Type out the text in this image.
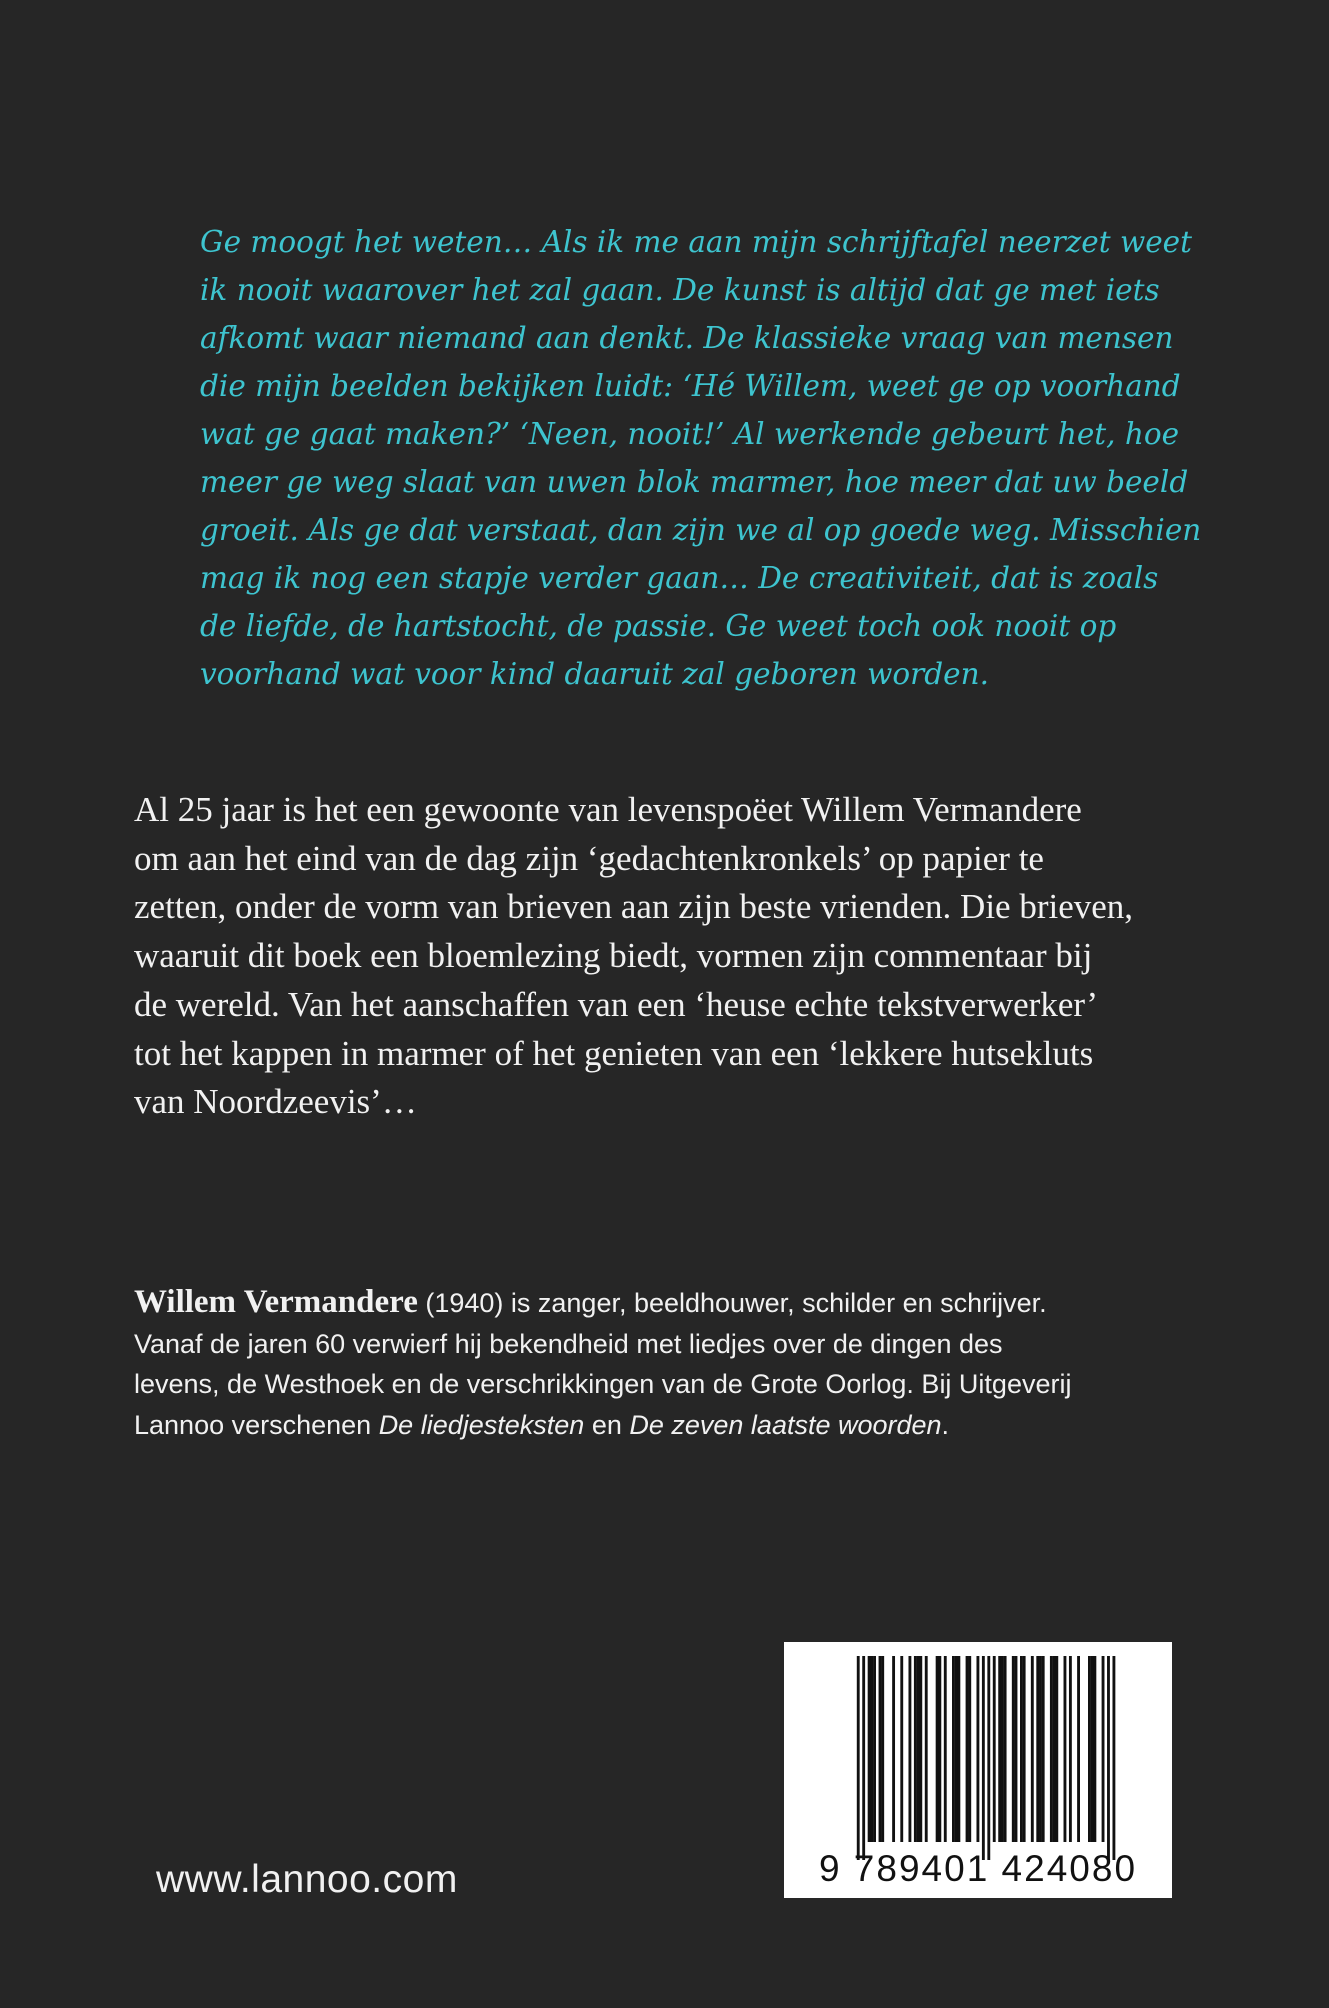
Ge moogt het weten… Als ik me aan mijn schrijftafel neerzet weet
ik nooit waarover het zal gaan. De kunst is altijd dat ge met iets
afkomt waar niemand aan denkt. De klassieke vraag van mensen
die mijn beelden bekijken luidt: ‘Hé Willem, weet ge op voorhand
wat ge gaat maken?’ ‘Neen, nooit!’ Al werkende gebeurt het, hoe
meer ge weg slaat van uwen blok marmer, hoe meer dat uw beeld
groeit. Als ge dat verstaat, dan zijn we al op goede weg. Misschien
mag ik nog een stapje verder gaan… De creativiteit, dat is zoals
de liefde, de hartstocht, de passie. Ge weet toch ook nooit op
voorhand wat voor kind daaruit zal geboren worden.
Al 25 jaar is het een gewoonte van levenspoëet Willem Vermandere
om aan het eind van de dag zijn ‘gedachtenkronkels’ op papier te
zetten, onder de vorm van brieven aan zijn beste vrienden. Die brieven,
waaruit dit boek een bloemlezing biedt, vormen zijn commentaar bij
de wereld. Van het aanschaffen van een ‘heuse echte tekstverwerker’
tot het kappen in marmer of het genieten van een ‘lekkere hutsekluts
van Noordzeevis’…
Willem Vermandere (1940) is zanger, beeldhouwer, schilder en schrijver.
Vanaf de jaren 60 verwierf hij bekendheid met liedjes over de dingen des
levens, de Westhoek en de verschrikkingen van de Grote Oorlog. Bij Uitgeverij
Lannoo verschenen De liedjesteksten en De zeven laatste woorden.
www.lannoo.com	9 789401 424080
